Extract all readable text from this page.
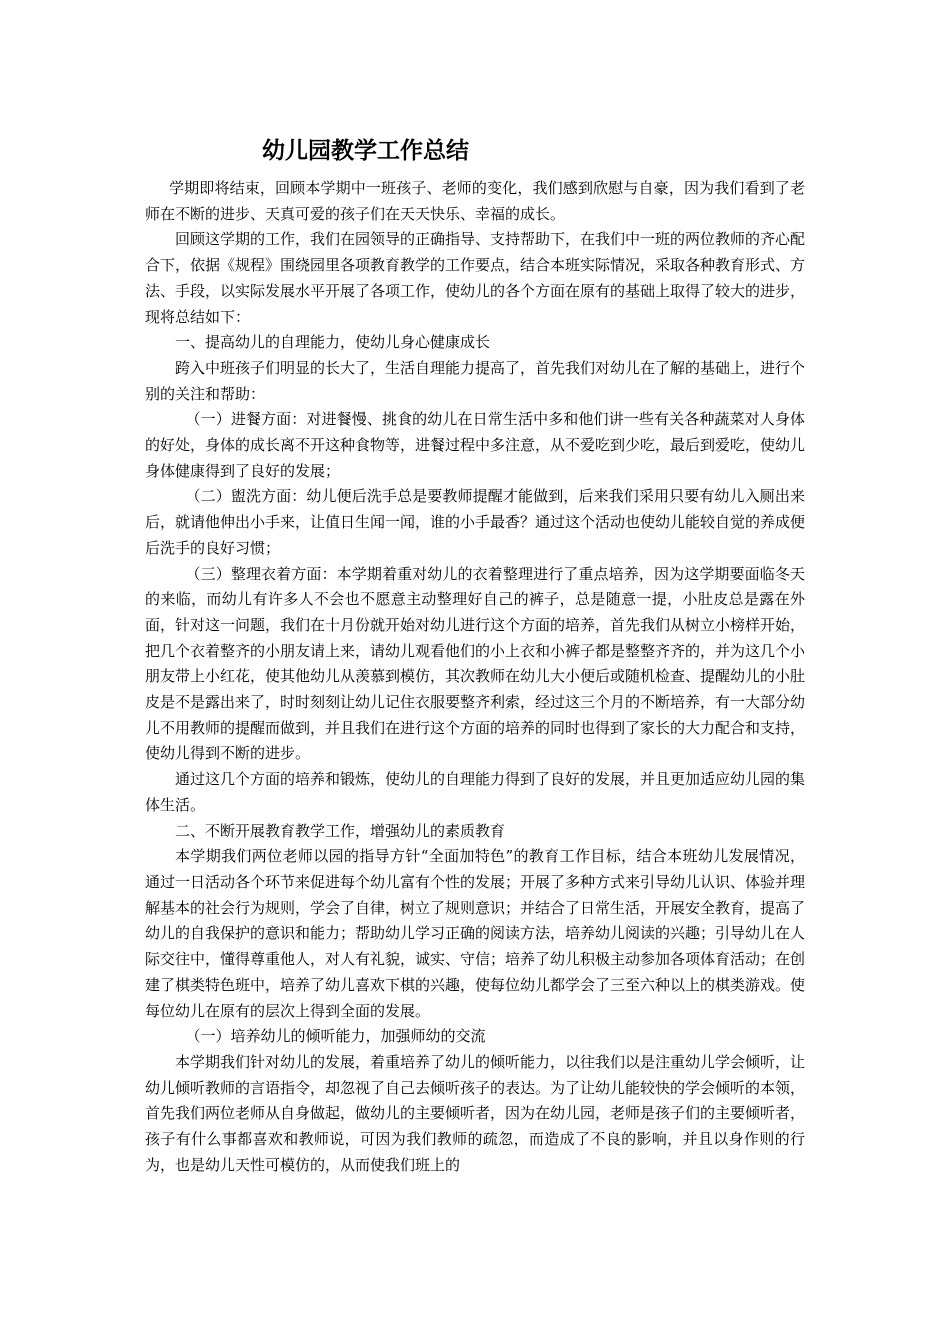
幼儿园教学工作总结

学期即将结束，回顾本学期中一班孩子、老师的变化，我们感到欣慰与自豪，因为我们看到了老师在不断的进步、天真可爱的孩子们在天天快乐、幸福的成长。

回顾这学期的工作，我们在园领导的正确指导、支持帮助下，在我们中一班的两位教师的齐心配合下，依据《规程》围绕园里各项教育教学的工作要点，结合本班实际情况，采取各种教育形式、方法、手段，以实际发展水平开展了各项工作，使幼儿的各个方面在原有的基础上取得了较大的进步，现将总结如下：

一、提高幼儿的自理能力，使幼儿身心健康成长

跨入中班孩子们明显的长大了，生活自理能力提高了，首先我们对幼儿在了解的基础上，进行个别的关注和帮助：

（一）进餐方面：对进餐慢、挑食的幼儿在日常生活中多和他们讲一些有关各种蔬菜对人身体的好处，身体的成长离不开这种食物等，进餐过程中多注意，从不爱吃到少吃，最后到爱吃，使幼儿身体健康得到了良好的发展；

（二）盥洗方面：幼儿便后洗手总是要教师提醒才能做到，后来我们采用只要有幼儿入厕出来后，就请他伸出小手来，让值日生闻一闻，谁的小手最香？通过这个活动也使幼儿能较自觉的养成便后洗手的良好习惯；

（三）整理衣着方面：本学期着重对幼儿的衣着整理进行了重点培养，因为这学期要面临冬天的来临，而幼儿有许多人不会也不愿意主动整理好自己的裤子，总是随意一提，小肚皮总是露在外面，针对这一问题，我们在十月份就开始对幼儿进行这个方面的培养，首先我们从树立小榜样开始，把几个衣着整齐的小朋友请上来，请幼儿观看他们的小上衣和小裤子都是整整齐齐的，并为这几个小朋友带上小红花，使其他幼儿从羡慕到模仿，其次教师在幼儿大小便后或随机检查、提醒幼儿的小肚皮是不是露出来了，时时刻刻让幼儿记住衣服要整齐利索，经过这三个月的不断培养，有一大部分幼儿不用教师的提醒而做到，并且我们在进行这个方面的培养的同时也得到了家长的大力配合和支持，使幼儿得到不断的进步。

通过这几个方面的培养和锻炼，使幼儿的自理能力得到了良好的发展，并且更加适应幼儿园的集体生活。

二、不断开展教育教学工作，增强幼儿的素质教育

本学期我们两位老师以园的指导方针“全面加特色”的教育工作目标，结合本班幼儿发展情况，通过一日活动各个环节来促进每个幼儿富有个性的发展；开展了多种方式来引导幼儿认识、体验并理解基本的社会行为规则，学会了自律，树立了规则意识；并结合了日常生活，开展安全教育，提高了幼儿的自我保护的意识和能力；帮助幼儿学习正确的阅读方法，培养幼儿阅读的兴趣；引导幼儿在人际交往中，懂得尊重他人，对人有礼貌，诚实、守信；培养了幼儿积极主动参加各项体育活动；在创建了棋类特色班中，培养了幼儿喜欢下棋的兴趣，使每位幼儿都学会了三至六种以上的棋类游戏。使每位幼儿在原有的层次上得到全面的发展。

（一）培养幼儿的倾听能力，加强师幼的交流

本学期我们针对幼儿的发展，着重培养了幼儿的倾听能力，以往我们以是注重幼儿学会倾听，让幼儿倾听教师的言语指令，却忽视了自己去倾听孩子的表达。为了让幼儿能较快的学会倾听的本领，首先我们两位老师从自身做起，做幼儿的主要倾听者，因为在幼儿园，老师是孩子们的主要倾听者，孩子有什么事都喜欢和教师说，可因为我们教师的疏忽，而造成了不良的影响，并且以身作则的行为，也是幼儿天性可模仿的，从而使我们班上的
